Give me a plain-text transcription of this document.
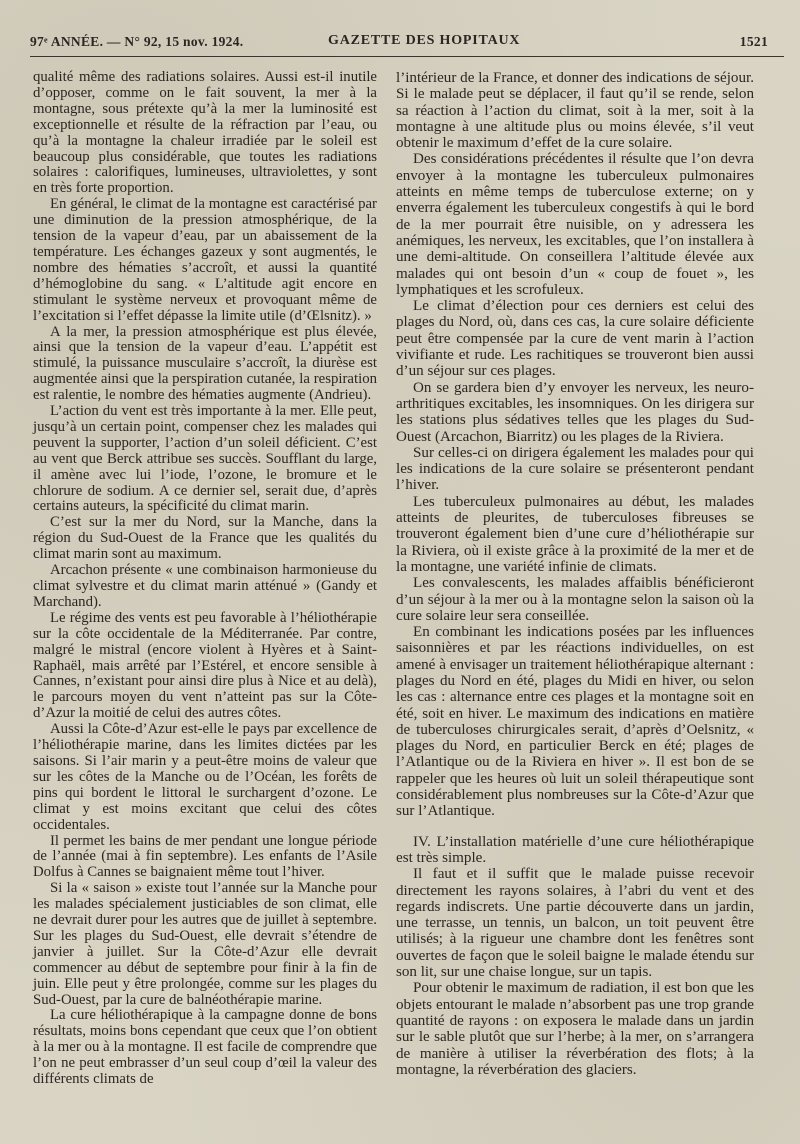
97ᵉ ANNÉE. — N° 92, 15 nov. 1924.	GAZETTE DES HOPITAUX	1521

qualité même des radiations solaires. Aussi est-il inutile d’opposer, comme on le fait souvent, la mer à la montagne, sous prétexte qu’à la mer la luminosité est exceptionnelle et résulte de la réfraction par l’eau, ou qu’à la montagne la chaleur irradiée par le soleil est beaucoup plus considérable, que toutes les radiations solaires : calorifiques, lumineuses, ultraviolettes, y sont en très forte proportion.

En général, le climat de la montagne est caractérisé par une diminution de la pression atmosphérique, de la tension de la vapeur d’eau, par un abaissement de la température. Les échanges gazeux y sont augmentés, le nombre des hématies s’accroît, et aussi la quantité d’hémoglobine du sang. « L’altitude agit encore en stimulant le système nerveux et provoquant même de l’excitation si l’effet dépasse la limite utile (d’Œlsnitz). »

A la mer, la pression atmosphérique est plus élevée, ainsi que la tension de la vapeur d’eau. L’appétit est stimulé, la puissance musculaire s’accroît, la diurèse est augmentée ainsi que la perspiration cutanée, la respiration est ralentie, le nombre des hématies augmente (Andrieu).

L’action du vent est très importante à la mer. Elle peut, jusqu’à un certain point, compenser chez les malades qui peuvent la supporter, l’action d’un soleil déficient. C’est au vent que Berck attribue ses succès. Soufflant du large, il amène avec lui l’iode, l’ozone, le bromure et le chlorure de sodium. A ce dernier sel, serait due, d’après certains auteurs, la spécificité du climat marin.

C’est sur la mer du Nord, sur la Manche, dans la région du Sud-Ouest de la France que les qualités du climat marin sont au maximum.

Arcachon présente « une combinaison harmonieuse du climat sylvestre et du climat marin atténué » (Gandy et Marchand).

Le régime des vents est peu favorable à l’héliothérapie sur la côte occidentale de la Méditerranée. Par contre, malgré le mistral (encore violent à Hyères et à Saint-Raphaël, mais arrêté par l’Estérel, et encore sensible à Cannes, n’existant pour ainsi dire plus à Nice et au delà), le parcours moyen du vent n’atteint pas sur la Côte-d’Azur la moitié de celui des autres côtes.

Aussi la Côte-d’Azur est-elle le pays par excellence de l’héliothérapie marine, dans les limites dictées par les saisons. Si l’air marin y a peut-être moins de valeur que sur les côtes de la Manche ou de l’Océan, les forêts de pins qui bordent le littoral le surchargent d’ozone. Le climat y est moins excitant que celui des côtes occidentales.

Il permet les bains de mer pendant une longue période de l’année (mai à fin septembre). Les enfants de l’Asile Dolfus à Cannes se baignaient même tout l’hiver.

Si la « saison » existe tout l’année sur la Manche pour les malades spécialement justiciables de son climat, elle ne devrait durer pour les autres que de juillet à septembre. Sur les plages du Sud-Ouest, elle devrait s’étendre de janvier à juillet. Sur la Côte-d’Azur elle devrait commencer au début de septembre pour finir à la fin de juin. Elle peut y être prolongée, comme sur les plages du Sud-Ouest, par la cure de balnéothérapie marine.

La cure héliothérapique à la campagne donne de bons résultats, moins bons cependant que ceux que l’on obtient à la mer ou à la montagne. Il est facile de comprendre que l’on ne peut embrasser d’un seul coup d’œil la valeur des différents climats de

l’intérieur de la France, et donner des indications de séjour. Si le malade peut se déplacer, il faut qu’il se rende, selon sa réaction à l’action du climat, soit à la mer, soit à la montagne à une altitude plus ou moins élevée, s’il veut obtenir le maximum d’effet de la cure solaire.

Des considérations précédentes il résulte que l’on devra envoyer à la montagne les tuberculeux pulmonaires atteints en même temps de tuberculose externe; on y enverra également les tuberculeux congestifs à qui le bord de la mer pourrait être nuisible, on y adressera les anémiques, les nerveux, les excitables, que l’on installera à une demi-altitude. On conseillera l’altitude élevée aux malades qui ont besoin d’un « coup de fouet », les lymphatiques et les scrofuleux.

Le climat d’élection pour ces derniers est celui des plages du Nord, où, dans ces cas, la cure solaire déficiente peut être compensée par la cure de vent marin à l’action vivifiante et rude. Les rachitiques se trouveront bien aussi d’un séjour sur ces plages.

On se gardera bien d’y envoyer les nerveux, les neuro-arthritiques excitables, les insomniques. On les dirigera sur les stations plus sédatives telles que les plages du Sud-Ouest (Arcachon, Biarritz) ou les plages de la Riviera.

Sur celles-ci on dirigera également les malades pour qui les indications de la cure solaire se présenteront pendant l’hiver.

Les tuberculeux pulmonaires au début, les malades atteints de pleurites, de tuberculoses fibreuses se trouveront également bien d’une cure d’héliothérapie sur la Riviera, où il existe grâce à la proximité de la mer et de la montagne, une variété infinie de climats.

Les convalescents, les malades affaiblis bénéficieront d’un séjour à la mer ou à la montagne selon la saison où la cure solaire leur sera conseillée.

En combinant les indications posées par les influences saisonnières et par les réactions individuelles, on est amené à envisager un traitement héliothérapique alternant : plages du Nord en été, plages du Midi en hiver, ou selon les cas : alternance entre ces plages et la montagne soit en été, soit en hiver. Le maximum des indications en matière de tuberculoses chirurgicales serait, d’après d’Oelsnitz, « plages du Nord, en particulier Berck en été; plages de l’Atlantique ou de la Riviera en hiver ». Il est bon de se rappeler que les heures où luit un soleil thérapeutique sont considérablement plus nombreuses sur la Côte-d’Azur que sur l’Atlantique.

IV. L’installation matérielle d’une cure héliothérapique est très simple.

Il faut et il suffit que le malade puisse recevoir directement les rayons solaires, à l’abri du vent et des regards indiscrets. Une partie découverte dans un jardin, une terrasse, un tennis, un balcon, un toit peuvent être utilisés; à la rigueur une chambre dont les fenêtres sont ouvertes de façon que le soleil baigne le malade étendu sur son lit, sur une chaise longue, sur un tapis.

Pour obtenir le maximum de radiation, il est bon que les objets entourant le malade n’absorbent pas une trop grande quantité de rayons : on exposera le malade dans un jardin sur le sable plutôt que sur l’herbe; à la mer, on s’arrangera de manière à utiliser la réverbération des flots; à la montagne, la réverbération des glaciers.
